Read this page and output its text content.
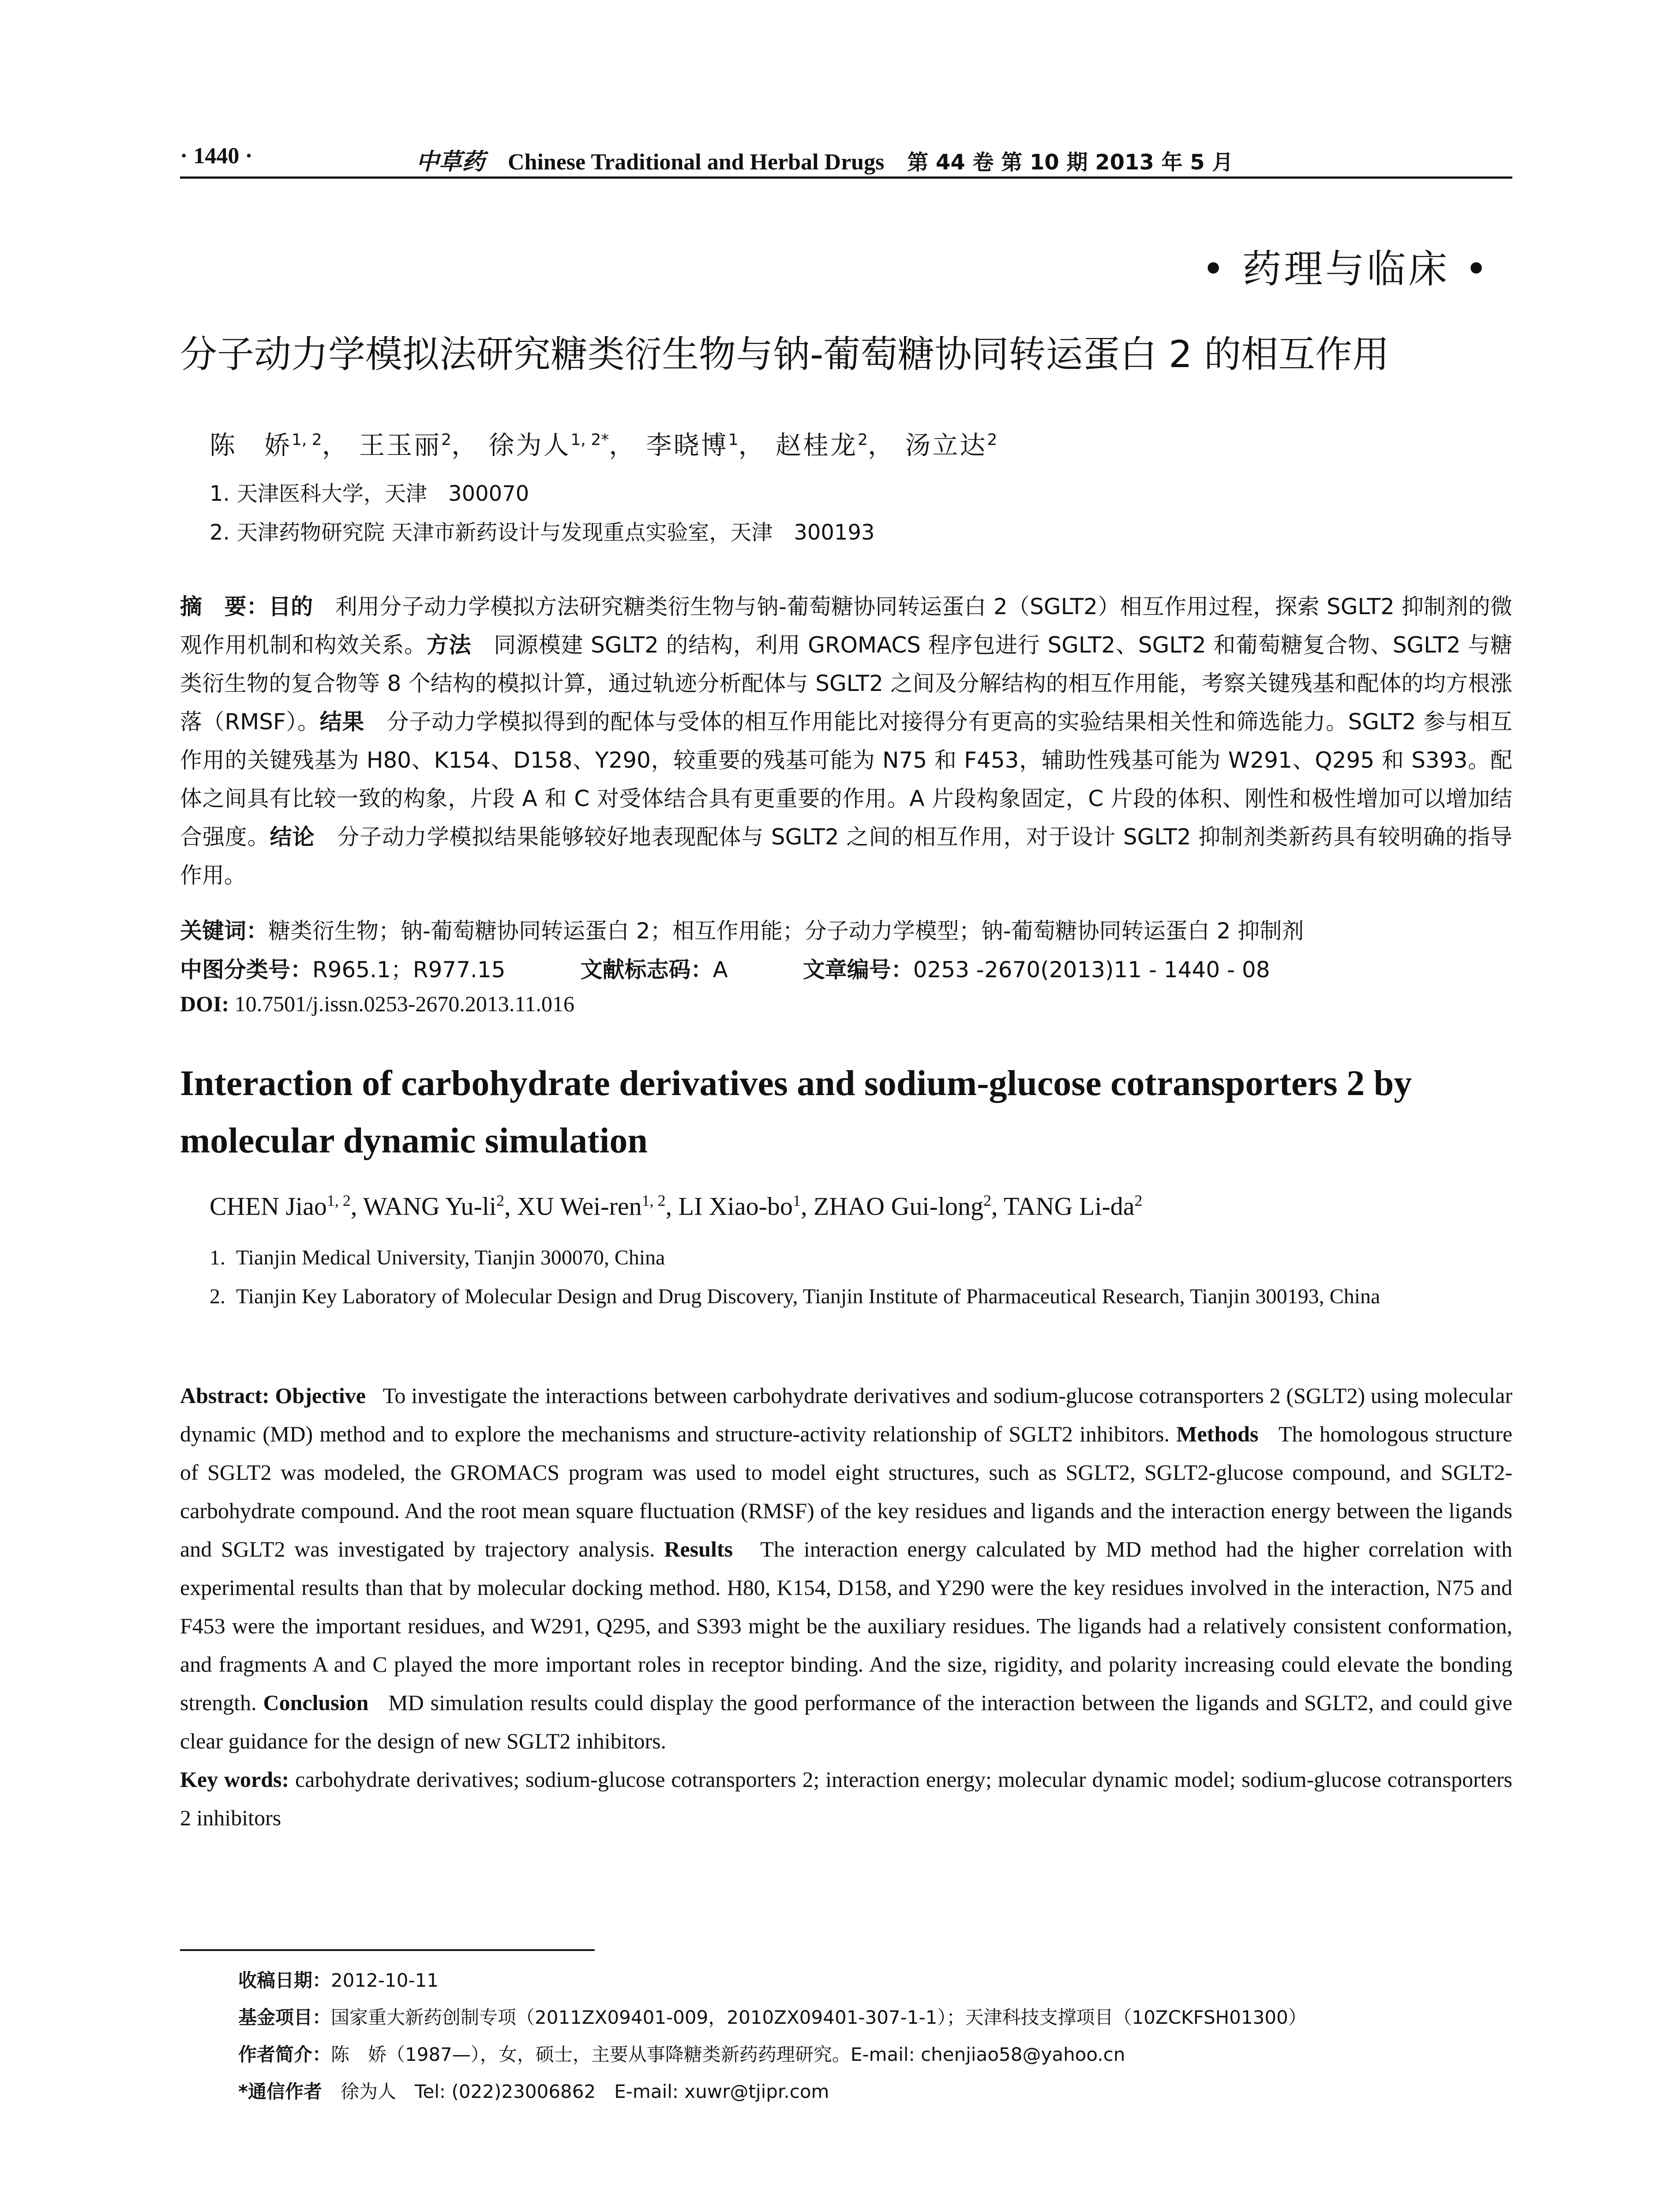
· 1440 ·	中草药 Chinese Traditional and Herbal Drugs 第 44 卷 第 10 期 2013 年 5 月
• 药理与临床 •
分子动力学模拟法研究糖类衍生物与钠-葡萄糖协同转运蛋白 2 的相互作用
陈　娇$^{1, 2}$， 王玉丽$^2$， 徐为人$^{1, 2*}$， 李晓博$^1$， 赵桂龙$^2$， 汤立达$^2$
1. 天津医科大学，天津　300070
2. 天津药物研究院 天津市新药设计与发现重点实验室，天津　300193
摘　要：目的　 利用分子动力学模拟方法研究糖类衍生物与钠-葡萄糖协同转运蛋白 2（SGLT2）相互作用过程，探索 SGLT2 抑制剂的微观作用机制和构效关系。方法　 同源模建 SGLT2 的结构，利用 GROMACS 程序包进行 SGLT2、SGLT2 和葡萄糖复合物、SGLT2 与糖类衍生物的复合物等 8 个结构的模拟计算，通过轨迹分析配体与 SGLT2 之间及分解结构的相互作用能，考察关键残基和配体的均方根涨落（RMSF）。结果　 分子动力学模拟得到的配体与受体的相互作用能比对接得分有更高的实验结果相关性和筛选能力。SGLT2 参与相互作用的关键残基为 H80、K154、D158、Y290，较重要的残基可能为 N75 和 F453，辅助性残基可能为 W291、Q295 和 S393。配体之间具有比较一致的构象，片段 A 和 C 对受体结合具有更重要的作用。A 片段构象固定，C 片段的体积、刚性和极性增加可以增加结合强度。结论　 分子动力学模拟结果能够较好地表现配体与 SGLT2 之间的相互作用，对于设计 SGLT2 抑制剂类新药具有较明确的指导作用。
关键词：糖类衍生物；钠-葡萄糖协同转运蛋白 2；相互作用能；分子动力学模型；钠-葡萄糖协同转运蛋白 2 抑制剂
中图分类号：R965.1；R977.15	文献标志码：A	文章编号：0253 -2670(2013)11 - 1440 - 08
DOI: 10.7501/j.issn.0253-2670.2013.11.016
Interaction of carbohydrate derivatives and sodium-glucose cotransporters 2 by molecular dynamic simulation
CHEN Jiao$^{1, 2}$, WANG $Yu-li^2$, XU Wei-ren$^{1, 2}$, LI Xiao-$bo^1$, ZHAO Gui-long$^2$, TANG $Li-da^2$
1. Tianjin Medical University, Tianjin 300070, China
2. Tianjin Key Laboratory of Molecular Design and Drug Discovery, Tianjin Institute of Pharmaceutical Research, Tianjin 300193, China
Abstract: Objective To investigate the interactions between carbohydrate derivatives and sodium-glucose cotransporters 2 (SGLT2) using molecular dynamic (MD) method and to explore the mechanisms and structure-activity relationship of SGLT2 inhibitors. Methods The homologous structure of SGLT2 was modeled, the GROMACS program was used to model eight structures, such as SGLT2, SGLT2-glucose compound, and SGLT2-carbohydrate compound. And the root mean square fluctuation (RMSF) of the key residues and ligands and the interaction energy between the ligands and SGLT2 was investigated by trajectory analysis. Results The interaction energy calculated by MD method had the higher correlation with experimental results than that by molecular docking method. H80, K154, D158, and Y290 were the key residues involved in the interaction, N75 and F453 were the important residues, and W291, Q295, and S393 might be the auxiliary residues. The ligands had a relatively consistent conformation, and fragments A and C played the more important roles in receptor binding. And the size, rigidity, and polarity increasing could elevate the bonding strength. Conclusion MD simulation results could display the good performance of the interaction between the ligands and SGLT2, and could give clear guidance for the design of new SGLT2 inhibitors.
Key words: carbohydrate derivatives; sodium-glucose cotransporters 2; interaction energy; molecular dynamic model; sodium-glucose cotransporters 2 inhibitors
收稿日期：2012-10-11
基金项目：国家重大新药创制专项（2011ZX09401-009，2010ZX09401-307-1-1）；天津科技支撑项目（10ZCKFSH01300）
作者简介：陈　娇（1987—），女，硕士，主要从事降糖类新药药理研究。E-mail: chenjiao58@yahoo.cn
*通信作者　 徐为人　Tel: (022)23006862　E-mail: xuwr@tjipr.com
